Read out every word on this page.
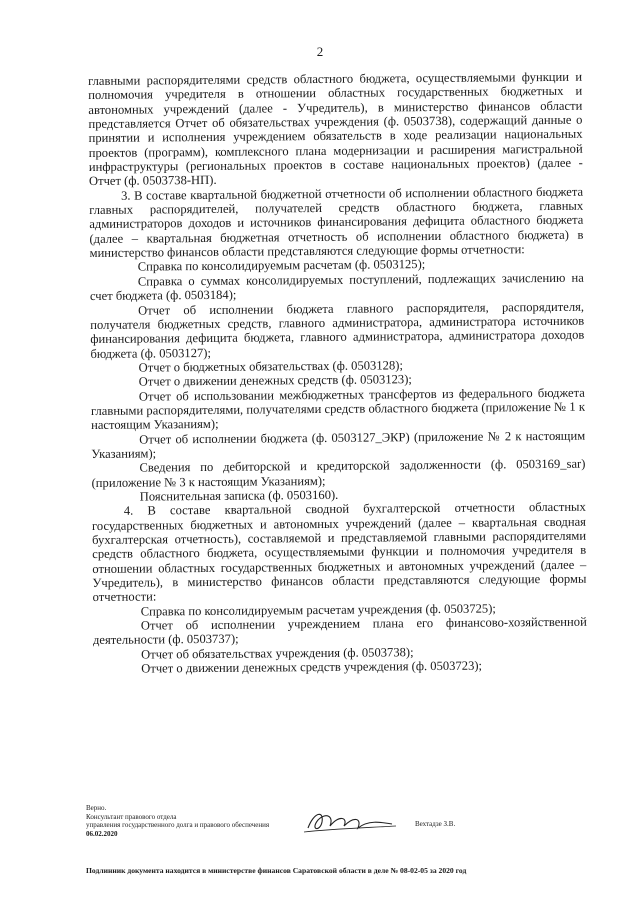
2

главными распорядителями средств областного бюджета, осуществляемыми функции и полномочия учредителя в отношении областных государственных бюджетных и автономных учреждений (далее - Учредитель), в министерство финансов области представляется Отчет об обязательствах учреждения (ф. 0503738), содержащий данные о принятии и исполнения учреждением обязательств в ходе реализации национальных проектов (программ), комплексного плана модернизации и расширения магистральной инфраструктуры (региональных проектов в составе национальных проектов) (далее - Отчет (ф. 0503738-НП).

3. В составе квартальной бюджетной отчетности об исполнении областного бюджета главных распорядителей, получателей средств областного бюджета, главных администраторов доходов и источников финансирования дефицита областного бюджета (далее – квартальная бюджетная отчетность об исполнении областного бюджета) в министерство финансов области представляются следующие формы отчетности:

Справка по консолидируемым расчетам (ф. 0503125);

Справка о суммах консолидируемых поступлений, подлежащих зачислению на счет бюджета (ф. 0503184);

Отчет об исполнении бюджета главного распорядителя, распорядителя, получателя бюджетных средств, главного администратора, администратора источников финансирования дефицита бюджета, главного администратора, администратора доходов бюджета (ф. 0503127);

Отчет о бюджетных обязательствах (ф. 0503128);

Отчет о движении денежных средств (ф. 0503123);

Отчет об использовании межбюджетных трансфертов из федерального бюджета главными распорядителями, получателями средств областного бюджета (приложение № 1 к настоящим Указаниям);

Отчет об исполнении бюджета (ф. 0503127_ЭКР) (приложение № 2 к настоящим Указаниям);

Сведения по дебиторской и кредиторской задолженности (ф. 0503169_sar) (приложение № 3 к настоящим Указаниям);

Пояснительная записка (ф. 0503160).

4. В составе квартальной сводной бухгалтерской отчетности областных государственных бюджетных и автономных учреждений (далее – квартальная сводная бухгалтерская отчетность), составляемой и представляемой главными распорядителями средств областного бюджета, осуществляемыми функции и полномочия учредителя в отношении областных государственных бюджетных и автономных учреждений (далее – Учредитель), в министерство финансов области представляются следующие формы отчетности:

Справка по консолидируемым расчетам учреждения (ф. 0503725);

Отчет об исполнении учреждением плана его финансово-хозяйственной деятельности (ф. 0503737);

Отчет об обязательствах учреждения (ф. 0503738);

Отчет о движении денежных средств учреждения (ф. 0503723);

Верно.
Консультант правового отдела
управления государственного долга и правового обеспечения
06.02.2020
Вехтадзе З.В.
Подлинник документа находится в министерстве финансов Саратовской области в деле № 08-02-05 за 2020 год
